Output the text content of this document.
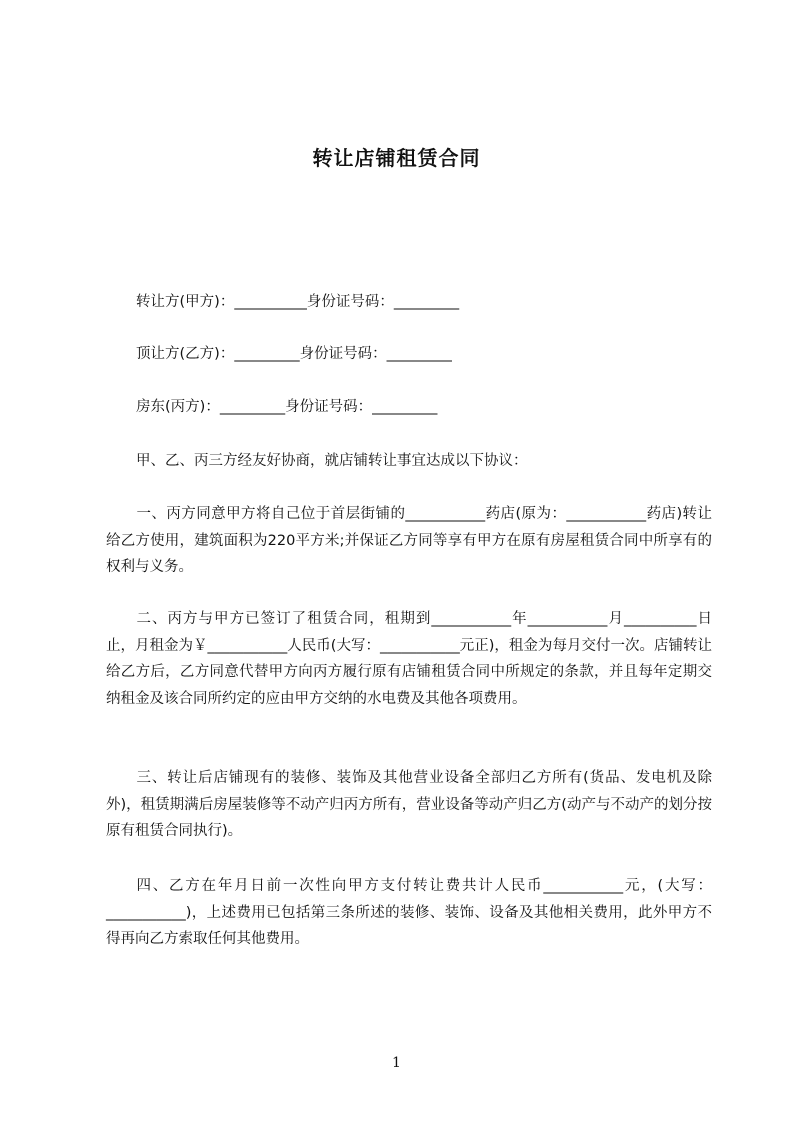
转让店铺租赁合同

转让方(甲方)：__________身份证号码：_________

顶让方(乙方)：_________身份证号码：_________

房东(丙方)：_________身份证号码：_________

甲、乙、丙三方经友好协商，就店铺转让事宜达成以下协议：

一、丙方同意甲方将自己位于首层街铺的___________药店(原为：___________药店)转让给乙方使用，建筑面积为220平方米;并保证乙方同等享有甲方在原有房屋租赁合同中所享有的权利与义务。

二、丙方与甲方已签订了租赁合同，租期到___________年___________月__________日止，月租金为￥___________人民币(大写：___________元正)，租金为每月交付一次。店铺转让给乙方后，乙方同意代替甲方向丙方履行原有店铺租赁合同中所规定的条款，并且每年定期交纳租金及该合同所约定的应由甲方交纳的水电费及其他各项费用。

三、转让后店铺现有的装修、装饰及其他营业设备全部归乙方所有(货品、发电机及除外)，租赁期满后房屋装修等不动产归丙方所有，营业设备等动产归乙方(动产与不动产的划分按原有租赁合同执行)。

四、乙方在年月日前一次性向甲方支付转让费共计人民币___________元，(大写：___________)，上述费用已包括第三条所述的装修、装饰、设备及其他相关费用，此外甲方不得再向乙方索取任何其他费用。

1
